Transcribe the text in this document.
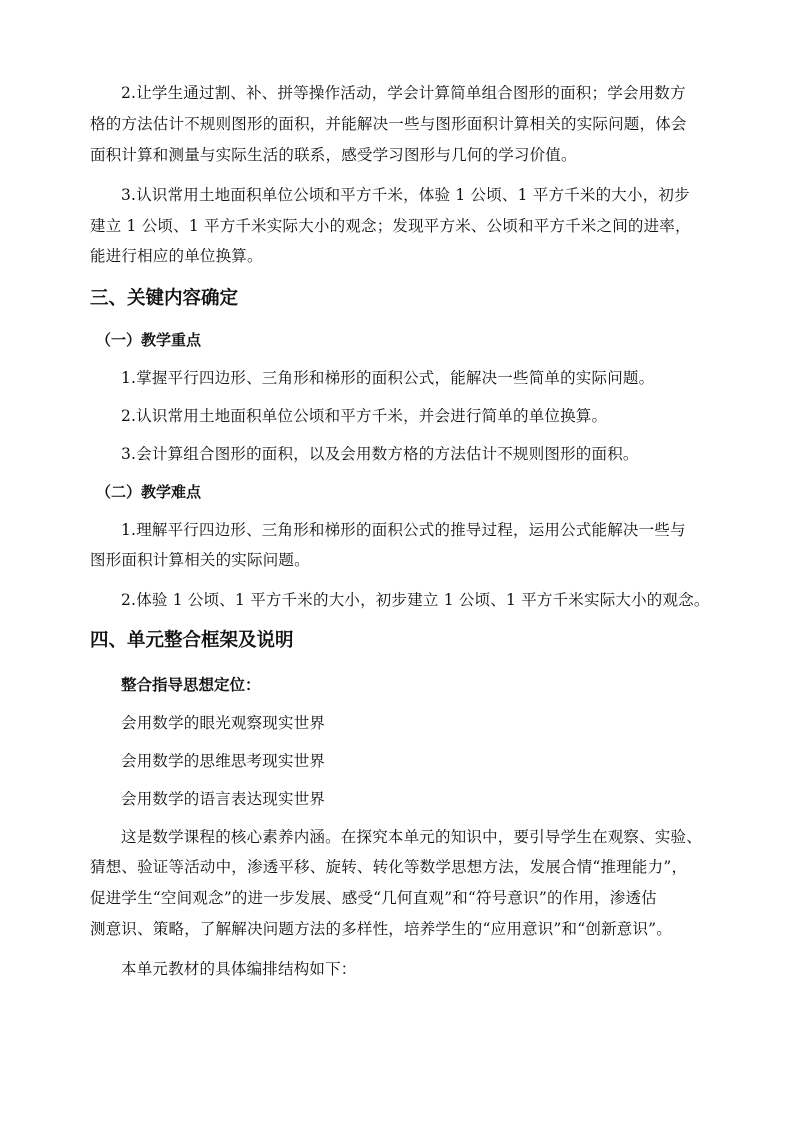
2.让学生通过割、补、拼等操作活动，学会计算简单组合图形的面积；学会用数方
格的方法估计不规则图形的面积，并能解决一些与图形面积计算相关的实际问题，体会
面积计算和测量与实际生活的联系，感受学习图形与几何的学习价值。
3.认识常用土地面积单位公顷和平方千米，体验 1 公顷、1 平方千米的大小，初步
建立 1 公顷、1 平方千米实际大小的观念；发现平方米、公顷和平方千米之间的进率，
能进行相应的单位换算。
三、关键内容确定
（一）教学重点
1.掌握平行四边形、三角形和梯形的面积公式，能解决一些简单的实际问题。
2.认识常用土地面积单位公顷和平方千米，并会进行简单的单位换算。
3.会计算组合图形的面积，以及会用数方格的方法估计不规则图形的面积。
（二）教学难点
1.理解平行四边形、三角形和梯形的面积公式的推导过程，运用公式能解决一些与
图形面积计算相关的实际问题。
2.体验 1 公顷、1 平方千米的大小，初步建立 1 公顷、1 平方千米实际大小的观念。
四、单元整合框架及说明
整合指导思想定位：
会用数学的眼光观察现实世界
会用数学的思维思考现实世界
会用数学的语言表达现实世界
这是数学课程的核心素养内涵。在探究本单元的知识中，要引导学生在观察、实验、
猜想、验证等活动中，渗透平移、旋转、转化等数学思想方法，发展合情“推理能力”，
促进学生“空间观念”的进一步发展、感受“几何直观”和“符号意识”的作用，渗透估
测意识、策略，了解解决问题方法的多样性，培养学生的“应用意识”和“创新意识”。
本单元教材的具体编排结构如下：
